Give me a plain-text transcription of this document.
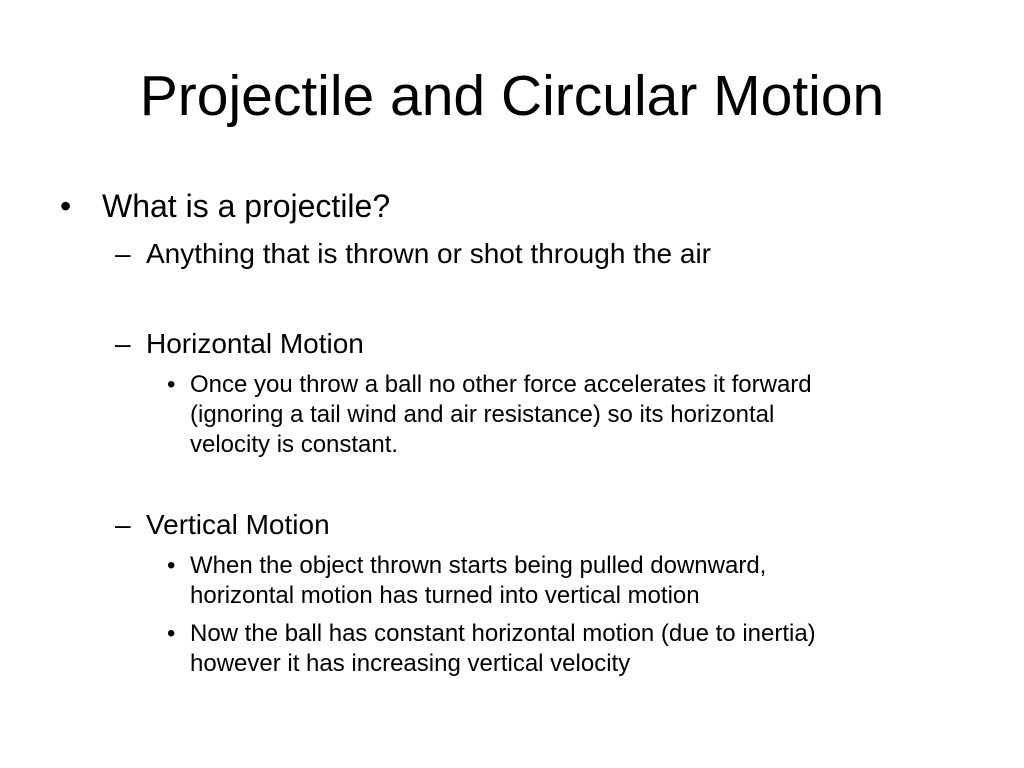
Projectile and Circular Motion
• What is a projectile?
– Anything that is thrown or shot through the air
– Horizontal Motion
• Once you throw a ball no other force accelerates it forward
(ignoring a tail wind and air resistance) so its horizontal
velocity is constant.
– Vertical Motion
• When the object thrown starts being pulled downward,
horizontal motion has turned into vertical motion
• Now the ball has constant horizontal motion (due to inertia)
however it has increasing vertical velocity
